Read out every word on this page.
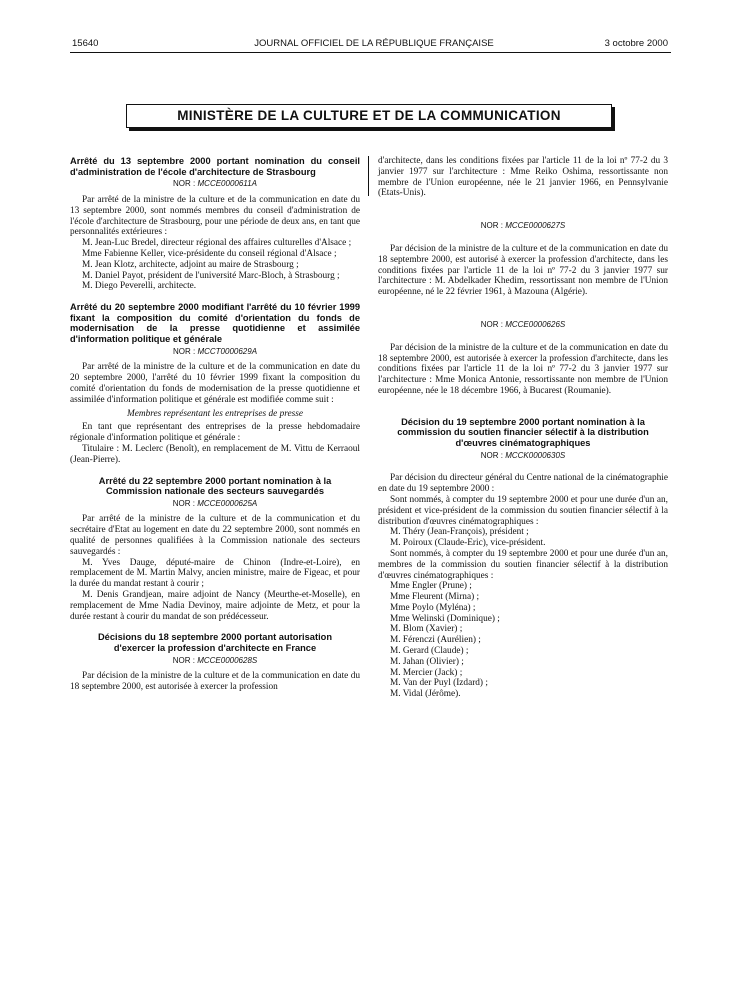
15640	JOURNAL OFFICIEL DE LA RÉPUBLIQUE FRANÇAISE	3 octobre 2000
MINISTÈRE DE LA CULTURE ET DE LA COMMUNICATION
Arrêté du 13 septembre 2000 portant nomination du conseil d'administration de l'école d'architecture de Strasbourg
NOR : MCCE0000611A

Par arrêté de la ministre de la culture et de la communication en date du 13 septembre 2000, sont nommés membres du conseil d'administration de l'école d'architecture de Strasbourg, pour une période de deux ans, en tant que personnalités extérieures :

M. Jean-Luc Bredel, directeur régional des affaires culturelles d'Alsace ;

Mme Fabienne Keller, vice-présidente du conseil régional d'Alsace ;

M. Jean Klotz, architecte, adjoint au maire de Strasbourg ;

M. Daniel Payot, président de l'université Marc-Bloch, à Strasbourg ;

M. Diego Peverelli, architecte.

Arrêté du 20 septembre 2000 modifiant l'arrêté du 10 février 1999 fixant la composition du comité d'orientation du fonds de modernisation de la presse quotidienne et assimilée d'information politique et générale
NOR : MCCT0000629A

Par arrêté de la ministre de la culture et de la communication en date du 20 septembre 2000, l'arrêté du 10 février 1999 fixant la composition du comité d'orientation du fonds de modernisation de la presse quotidienne et assimilée d'information politique et générale est modifiée comme suit :

Membres représentant les entreprises de presse

En tant que représentant des entreprises de la presse hebdomadaire régionale d'information politique et générale :

Titulaire : M. Leclerc (Benoît), en remplacement de M. Vittu de Kerraoul (Jean-Pierre).

Arrêté du 22 septembre 2000 portant nomination à la Commission nationale des secteurs sauvegardés
NOR : MCCE0000625A

Par arrêté de la ministre de la culture et de la communication et du secrétaire d'Etat au logement en date du 22 septembre 2000, sont nommés en qualité de personnes qualifiées à la Commission nationale des secteurs sauvegardés :

M. Yves Dauge, député-maire de Chinon (Indre-et-Loire), en remplacement de M. Martin Malvy, ancien ministre, maire de Figeac, et pour la durée du mandat restant à courir ;

M. Denis Grandjean, maire adjoint de Nancy (Meurthe-et-Moselle), en remplacement de Mme Nadia Devinoy, maire adjointe de Metz, et pour la durée restant à courir du mandat de son prédécesseur.

Décisions du 18 septembre 2000 portant autorisation d'exercer la profession d'architecte en France
NOR : MCCE0000628S

Par décision de la ministre de la culture et de la communication en date du 18 septembre 2000, est autorisée à exercer la profession

d'architecte, dans les conditions fixées par l'article 11 de la loi nº 77-2 du 3 janvier 1977 sur l'architecture : Mme Reiko Oshima, ressortissante non membre de l'Union européenne, née le 21 janvier 1966, en Pennsylvanie (Etats-Unis).

NOR : MCCE0000627S

Par décision de la ministre de la culture et de la communication en date du 18 septembre 2000, est autorisé à exercer la profession d'architecte, dans les conditions fixées par l'article 11 de la loi nº 77-2 du 3 janvier 1977 sur l'architecture : M. Abdelkader Khedim, ressortissant non membre de l'Union européenne, né le 22 février 1961, à Mazouna (Algérie).

NOR : MCCE0000626S

Par décision de la ministre de la culture et de la communication en date du 18 septembre 2000, est autorisée à exercer la profession d'architecte, dans les conditions fixées par l'article 11 de la loi nº 77-2 du 3 janvier 1977 sur l'architecture : Mme Monica Antonie, ressortissante non membre de l'Union européenne, née le 18 décembre 1966, à Bucarest (Roumanie).

Décision du 19 septembre 2000 portant nomination à la commission du soutien financier sélectif à la distribution d'œuvres cinématographiques
NOR : MCCK0000630S

Par décision du directeur général du Centre national de la cinématographie en date du 19 septembre 2000 :

Sont nommés, à compter du 19 septembre 2000 et pour une durée d'un an, président et vice-président de la commission du soutien financier sélectif à la distribution d'œuvres cinématographiques :

M. Théry (Jean-François), président ;

M. Poiroux (Claude-Eric), vice-président.

Sont nommés, à compter du 19 septembre 2000 et pour une durée d'un an, membres de la commission du soutien financier sélectif à la distribution d'œuvres cinématographiques :

Mme Engler (Prune) ;

Mme Fleurent (Mirna) ;

Mme Poylo (Myléna) ;

Mme Welinski (Dominique) ;

M. Blom (Xavier) ;

M. Férenczi (Aurélien) ;

M. Gerard (Claude) ;

M. Jahan (Olivier) ;

M. Mercier (Jack) ;

M. Van der Puyl (Izdard) ;

M. Vidal (Jérôme).
